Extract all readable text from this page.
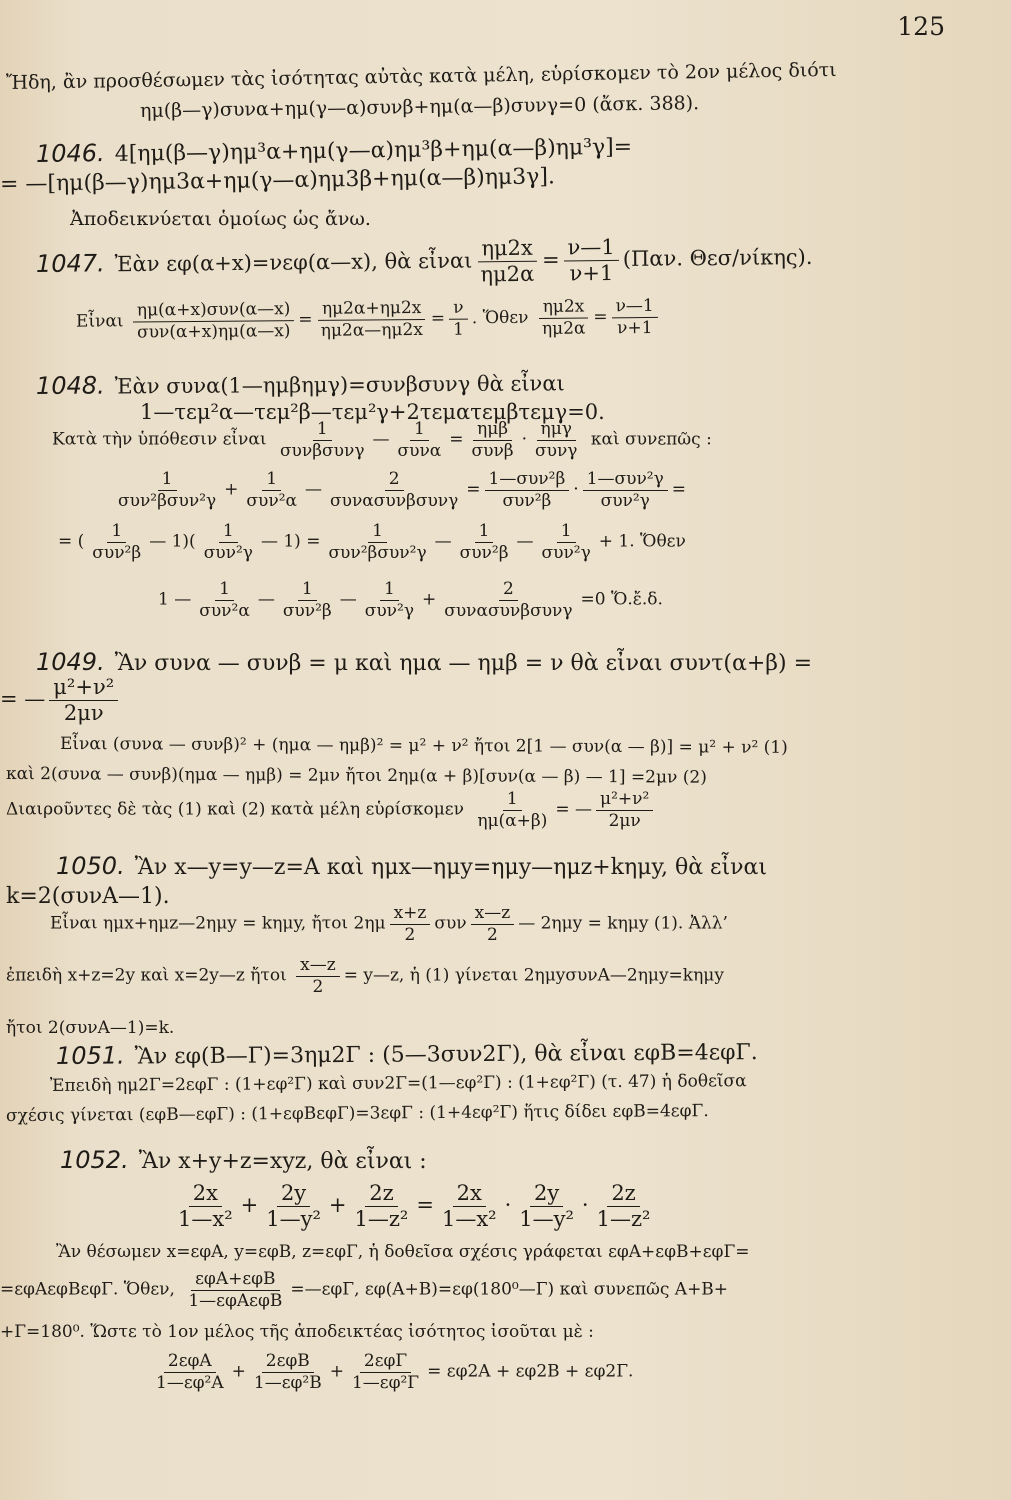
125
Ἤδη, ἂν προσθέσωμεν τὰς ἰσότητας αὐτὰς κατὰ μέλη, εὑρίσκομεν τὸ 2ον μέλος διότι
ημ(β—γ)συνα+ημ(γ—α)συνβ+ημ(α—β)συνγ=0 (ἄσκ. 388).
1046. 4[ημ(β—γ)ημ³α+ημ(γ—α)ημ³β+ημ(α—β)ημ³γ]=
= —[ημ(β—γ)ημ3α+ημ(γ—α)ημ3β+ημ(α—β)ημ3γ].
Ἀποδεικνύεται ὁμοίως ὡς ἄνω.
1047. Ἐὰν εφ(α+x)=νεφ(α—x), θὰ εἶναι $\frac{\eta\mu 2x}{\eta\mu 2\alpha} = \frac{\nu—1}{\nu+1} (\Pi\alpha\nu$. Θεσ/νίκης).
Εἶναι
ημ(α+x)συν(α—x)
συν(α+x)ημ(α—x)
= $\frac{\eta\mu 2\alpha+\eta\mu 2x}{\eta\mu 2\alpha—\eta\mu 2x} = \frac{\nu}{1}$ . Ὅθεν $\frac{\eta\mu 2x}{\eta\mu 2\alpha} = \frac{\nu—1}{\nu+1}$
1048. Ἐὰν συνα(1—ημβημγ)=συνβσυνγ θὰ εἶναι
1—τεμ²α—τεμ²β—τεμ²γ+2τεματεμβτεμγ=0.
Κατὰ τὴν ὑπόθεσιν εἶναι
1
συνβσυνγ
—
1
συνα
=
ημβ
συνβ
·
ημγ
συνγ
καὶ συνεπῶς :
1
συν²βσυν²γ
+
1
συν²α
—
2
συνασυνβσυνγ
=
1—συν²β
συν²β
·
1—συν²γ
συν²γ
=
= (
1
συν²β
— 1)(
1
συν²γ
— 1) =
1
συν²βσυν²γ
—
1
συν²β
—
1
συν²γ
+ 1. Ὅθεν
1 —
1
συν²α
—
1
συν²β
—
1
συν²γ
+
2
συνασυνβσυνγ
=0 Ὅ.ἔ.δ.
1049. Ἂν συνα — συνβ = μ καὶ ημα — ημβ = ν θὰ εἶναι συντ(α+β) =
= — $\frac{\text{μ²+ν²}}{2\mu\nu}$
Εἶναι (συνα — συνβ)² + (ημα — ημβ)² = μ² + ν² ἤτοι 2[1 — συν(α — β)] = μ² + ν² (1)
καὶ 2(συνα — συνβ)(ημα — ημβ) = 2μν ἤτοι 2ημ(α + β)[συν(α — β) — 1] =2μν (2)
Διαιροῦντες δὲ τὰς (1) καὶ (2) κατὰ μέλη εὑρίσκομεν $\frac{1}{\eta\mu(\alpha+\beta)}$ = — $\frac{\text{μ²+ν²}}{2\mu\nu}$
1050. Ἂν x—y=y—z=A καὶ ημx—ημy=ημy—ημz+kημy, θὰ εἶναι
k=2(συνA—1).
Εἶναι ημx+ημz—2ημy = kημy, ἤτοι $2\eta\mu \frac{x+z}{2}$ συν $\frac{x—z}{2}$ — 2ημy = kημy (1). Ἀλλ’
ἐπειδὴ x+z=2y καὶ x=2y—z ἤτοι $\frac{x—z}{2}$ = y—z, ἡ (1) γίνεται 2ημyσυνA—2ημy=kημy
ἤτοι 2(συνA—1)=k.
1051. Ἂν εφ(B—Γ)=3ημ2Γ : (5—3συν2Γ), θὰ εἶναι εφB=4εφΓ.
Ἐπειδὴ ημ2Γ=2εφΓ : (1+εφ²Γ) καὶ συν2Γ=(1—εφ²Γ) : (1+εφ²Γ) (τ. 47) ἡ δοθεῖσα
σχέσις γίνεται (εφB—εφΓ) : (1+εφBεφΓ)=3εφΓ : (1+4εφ²Γ) ἥτις δίδει εφB=4εφΓ.
1052. Ἂν x+y+z=xyz, θὰ εἶναι :
$\frac{2x}{\text{1—x²}} + \frac{2y}{\text{1—y²}} + \frac{2z}{\text{1—z²}} = \frac{2x}{\text{1—x²}} \cdot \frac{2y}{\text{1—y²}} \cdot \frac{2z}{\text{1—z²}}$
Ἂν θέσωμεν x=εφA, y=εφB, z=εφΓ, ἡ δοθεῖσα σχέσις γράφεται εφA+εφB+εφΓ=
=εφAεφBεφΓ. Ὅθεν,
εφA+εφB
1—εφAεφB
=—εφΓ, εφ(A+B)=εφ(180⁰—Γ) καὶ συνεπῶς A+B+
+Γ=180⁰. Ὥστε τὸ 1ον μέλος τῆς ἀποδεικτέας ἰσότητος ἰσοῦται μὲ :
2εφA
1—εφ²A
+
2εφB
1—εφ²B
+
2εφΓ
1—εφ²Γ
= εφ2A + εφ2B + εφ2Γ.
